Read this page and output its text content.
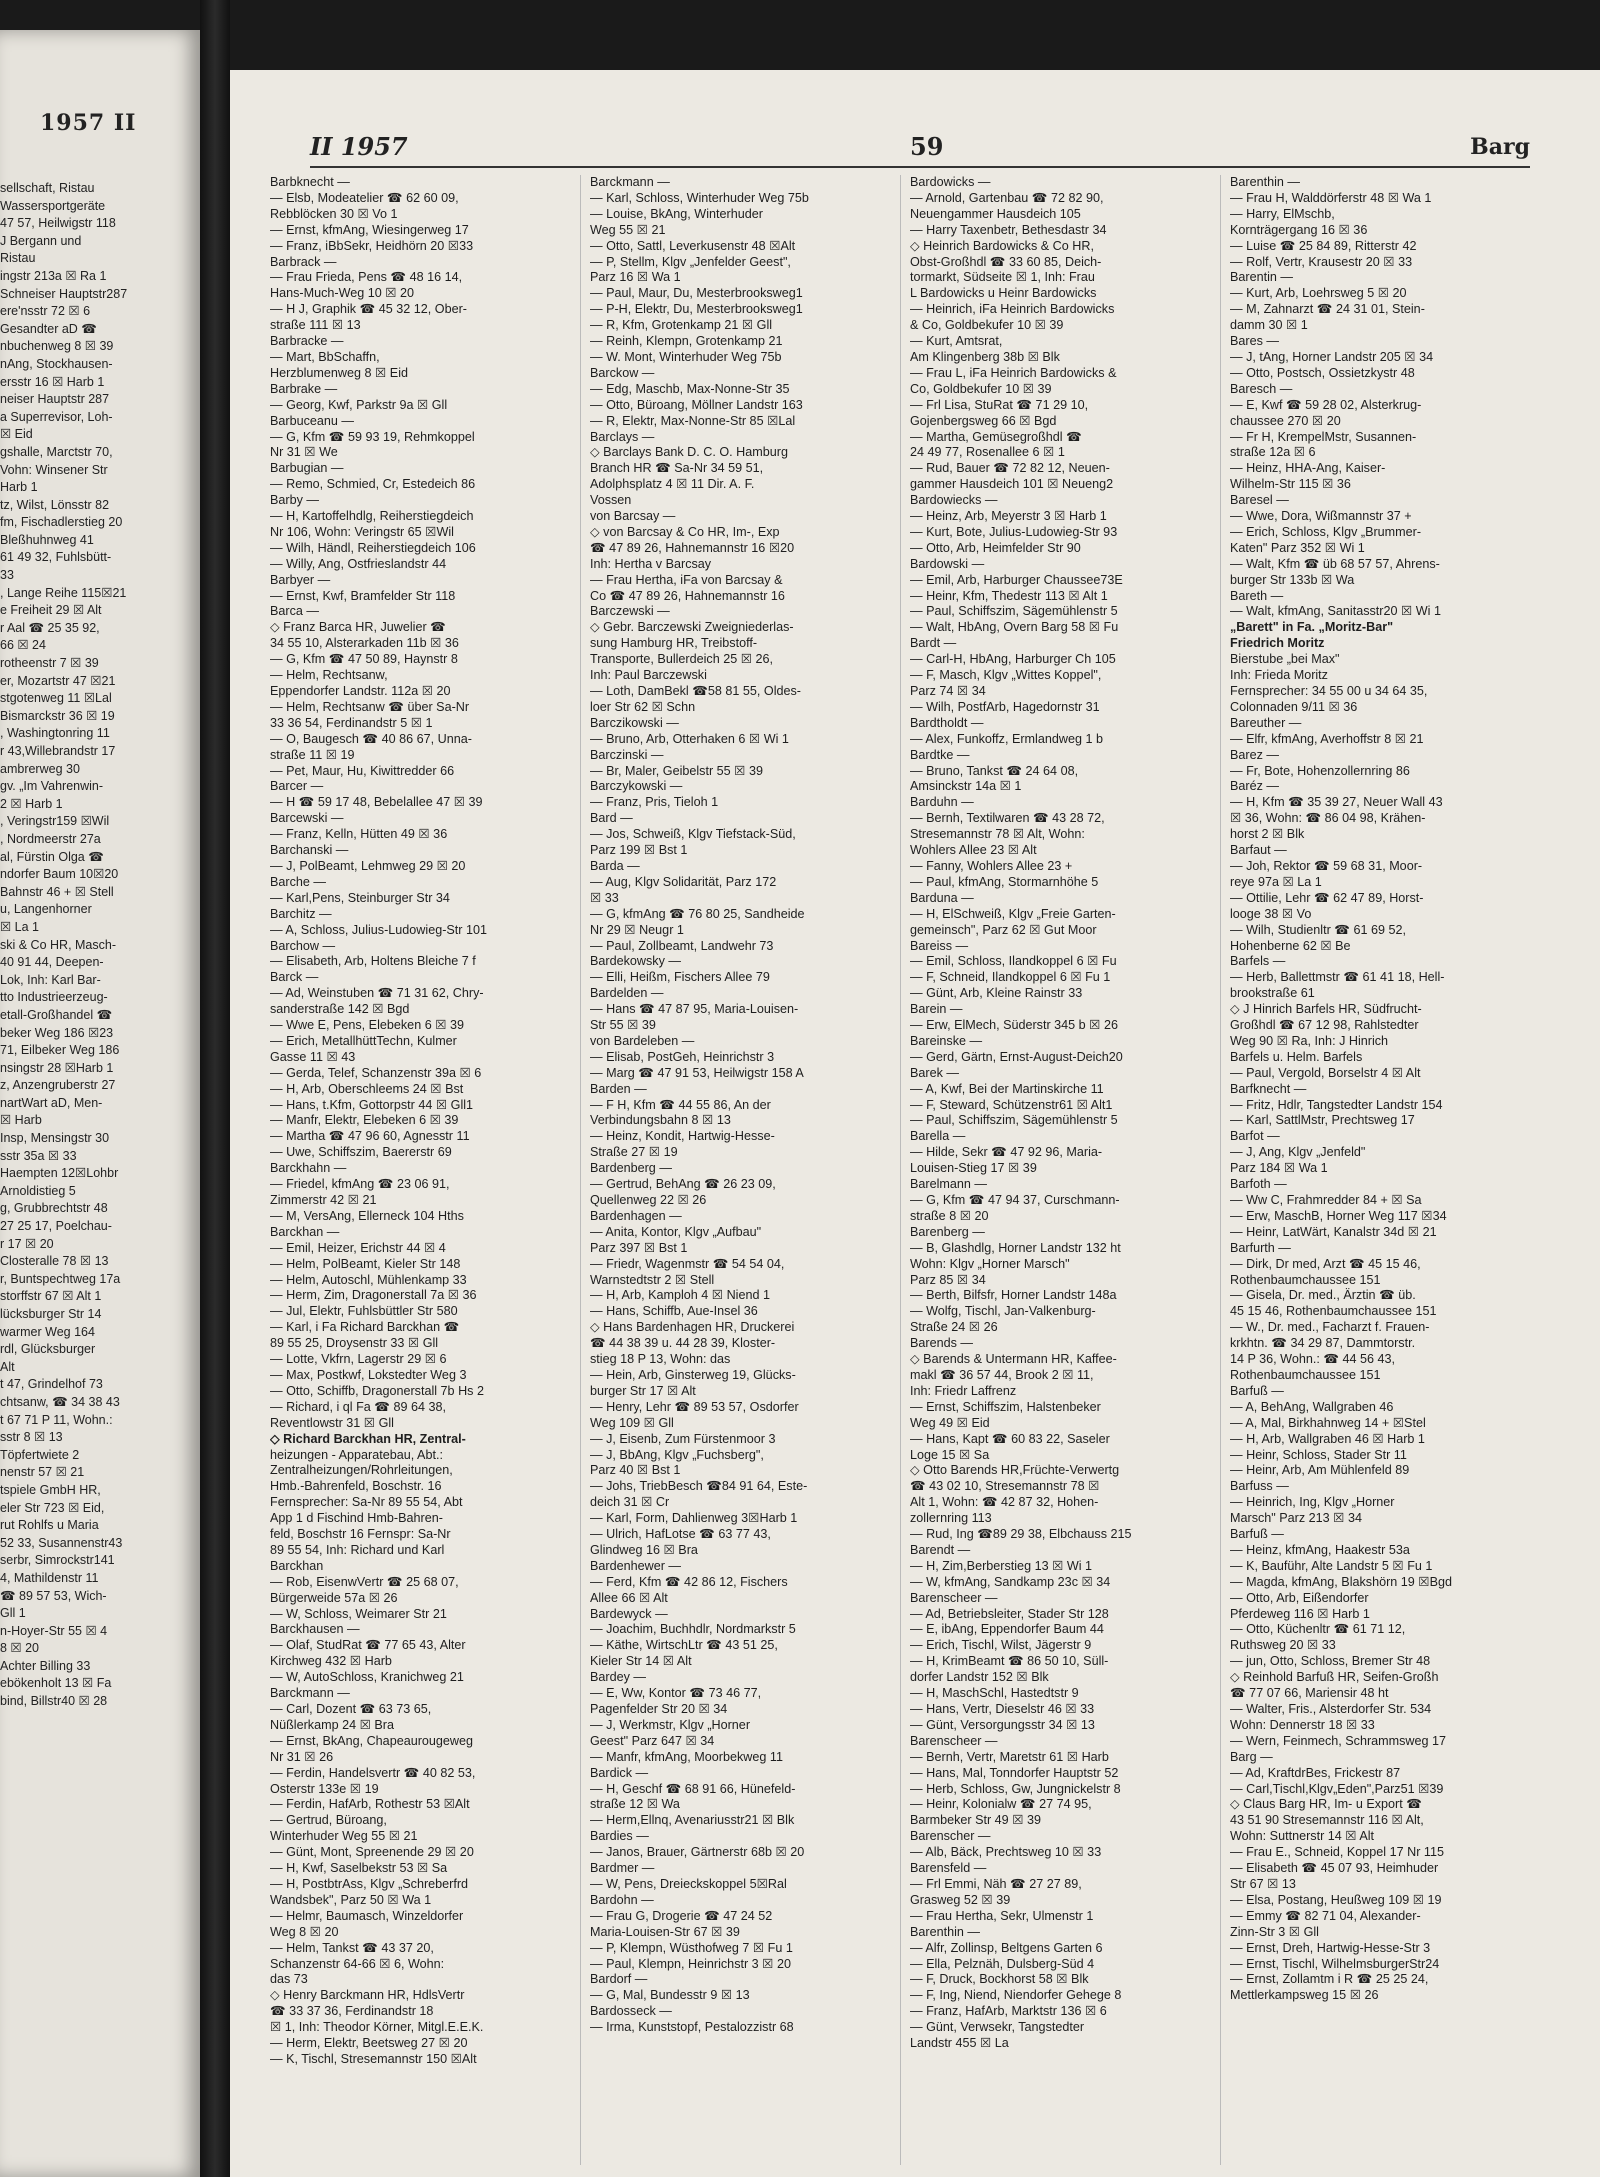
1957 II
sellschaft, Ristau
Wassersportgeräte
47 57, Heilwigstr 118
J Bergann und
Ristau
ingstr 213a ☒ Ra 1
Schneiser Hauptstr287
ere'nsstr 72 ☒ 6
Gesandter aD ☎
nbuchenweg 8 ☒ 39
nAng, Stockhausen-
ersstr 16 ☒ Harb 1
neiser Hauptstr 287
a Superrevisor, Loh-
☒ Eid
gshalle, Marctstr 70,
Vohn: Winsener Str
Harb 1
tz, Wilst, Lönsstr 82
fm, Fischadlerstieg 20
Bleßhuhnweg 41
61 49 32, Fuhlsbütt-
33
, Lange Reihe 115☒21
e Freiheit 29 ☒ Alt
r Aal ☎ 25 35 92,
66 ☒ 24
rotheenstr 7 ☒ 39
er, Mozartstr 47 ☒21
stgotenweg 11 ☒Lal
Bismarckstr 36 ☒ 19
, Washingtonring 11
r 43,Willebrandstr 17
ambrerweg 30
gv. „Im Vahrenwin-
2 ☒ Harb 1
, Veringstr159 ☒Wil
, Nordmeerstr 27a
al, Fürstin Olga ☎
ndorfer Baum 10☒20
Bahnstr 46 + ☒ Stell
u, Langenhorner
☒ La 1
ski & Co HR, Masch-
40 91 44, Deepen-
Lok, Inh: Karl Bar-
tto Industrieerzeug-
etall-Großhandel ☎
beker Weg 186 ☒23
71, Eilbeker Weg 186
nsingstr 28 ☒Harb 1
z, Anzengruberstr 27
nartWart aD, Men-
☒ Harb
Insp, Mensingstr 30
sstr 35a ☒ 33
Haempten 12☒Lohbr
Arnoldistieg 5
g, Grubbrechtstr 48
27 25 17, Poelchau-
r 17 ☒ 20
Closteralle 78 ☒ 13
r, Buntspechtweg 17a
storffstr 67 ☒ Alt 1
lücksburger Str 14
warmer Weg 164
rdl, Glücksburger
Alt
t 47, Grindelhof 73
chtsanw, ☎ 34 38 43
t 67 71 P 11, Wohn.:
sstr 8 ☒ 13
Töpfertwiete 2
nenstr 57 ☒ 21
tspiele GmbH HR,
eler Str 723 ☒ Eid,
rut Rohlfs u Maria
52 33, Susannenstr43
serbr, Simrockstr141
4, Mathildenstr 11
☎ 89 57 53, Wich-
Gll 1
n-Hoyer-Str 55 ☒ 4
8 ☒ 20
Achter Billing 33
ebökenholt 13 ☒ Fa
bind, Billstr40 ☒ 28
II 1957	59	Barg
Barbknecht —
— Elsb, Modeatelier ☎ 62 60 09,
Rebblöcken 30 ☒ Vo 1
— Ernst, kfmAng, Wiesingerweg 17
— Franz, iBbSekr, Heidhörn 20 ☒33
Barbrack —
— Frau Frieda, Pens ☎ 48 16 14,
Hans-Much-Weg 10 ☒ 20
— H J, Graphik ☎ 45 32 12, Ober-
straße 111 ☒ 13
Barbracke —
— Mart, BbSchaffn,
Herzblumenweg 8 ☒ Eid
Barbrake —
— Georg, Kwf, Parkstr 9a ☒ Gll
Barbuceanu —
— G, Kfm ☎ 59 93 19, Rehmkoppel
Nr 31 ☒ We
Barbugian —
— Remo, Schmied, Cr, Estedeich 86
Barby —
— H, Kartoffelhdlg, Reiherstiegdeich
Nr 106, Wohn: Veringstr 65 ☒Wil
— Wilh, Händl, Reiherstiegdeich 106
— Willy, Ang, Ostfrieslandstr 44
Barbyer —
— Ernst, Kwf, Bramfelder Str 118
Barca —
◇ Franz Barca HR, Juwelier ☎
34 55 10, Alsterarkaden 11b ☒ 36
— G, Kfm ☎ 47 50 89, Haynstr 8
— Helm, Rechtsanw,
Eppendorfer Landstr. 112a ☒ 20
— Helm, Rechtsanw ☎ über Sa-Nr
33 36 54, Ferdinandstr 5 ☒ 1
— O, Baugesch ☎ 40 86 67, Unna-
straße 11 ☒ 19
— Pet, Maur, Hu, Kiwittredder 66
Barcer —
— H ☎ 59 17 48, Bebelallee 47 ☒ 39
Barcewski —
— Franz, Kelln, Hütten 49 ☒ 36
Barchanski —
— J, PolBeamt, Lehmweg 29 ☒ 20
Barche —
— Karl,Pens, Steinburger Str 34
Barchitz —
— A, Schloss, Julius-Ludowieg-Str 101
Barchow —
— Elisabeth, Arb, Holtens Bleiche 7 f
Barck —
— Ad, Weinstuben ☎ 71 31 62, Chry-
sanderstraße 142 ☒ Bgd
— Wwe E, Pens, Elebeken 6 ☒ 39
— Erich, MetallhüttTechn, Kulmer
Gasse 11 ☒ 43
— Gerda, Telef, Schanzenstr 39a ☒ 6
— H, Arb, Oberschleems 24 ☒ Bst
— Hans, t.Kfm, Gottorpstr 44 ☒ Gll1
— Manfr, Elektr, Elebeken 6 ☒ 39
— Martha ☎ 47 96 60, Agnesstr 11
— Uwe, Schiffszim, Baererstr 69
Barckhahn —
— Friedel, kfmAng ☎ 23 06 91,
Zimmerstr 42 ☒ 21
— M, VersAng, Ellerneck 104 Hths
Barckhan —
— Emil, Heizer, Erichstr 44 ☒ 4
— Helm, PolBeamt, Kieler Str 148
— Helm, Autoschl, Mühlenkamp 33
— Herm, Zim, Dragonerstall 7a ☒ 36
— Jul, Elektr, Fuhlsbüttler Str 580
— Karl, i Fa Richard Barckhan ☎
89 55 25, Droysenstr 33 ☒ Gll
— Lotte, Vkfrn, Lagerstr 29 ☒ 6
— Max, Postkwf, Lokstedter Weg 3
— Otto, Schiffb, Dragonerstall 7b Hs 2
— Richard, i ql Fa ☎ 89 64 38,
Reventlowstr 31 ☒ Gll
◇ Richard Barckhan HR, Zentral-
heizungen - Apparatebau, Abt.:
Zentralheizungen/Rohrleitungen,
Hmb.-Bahrenfeld, Boschstr. 16
Fernsprecher: Sa-Nr 89 55 54, Abt
App 1 d Fischind Hmb-Bahren-
feld, Boschstr 16 Fernspr: Sa-Nr
89 55 54, Inh: Richard und Karl
Barckhan
— Rob, EisenwVertr ☎ 25 68 07,
Bürgerweide 57a ☒ 26
— W, Schloss, Weimarer Str 21
Barckhausen —
— Olaf, StudRat ☎ 77 65 43, Alter
Kirchweg 432 ☒ Harb
— W, AutoSchloss, Kranichweg 21
Barckmann —
— Carl, Dozent ☎ 63 73 65,
Nüßlerkamp 24 ☒ Bra
— Ernst, BkAng, Chapeaurougeweg
Nr 31 ☒ 26
— Ferdin, Handelsvertr ☎ 40 82 53,
Osterstr 133e ☒ 19
— Ferdin, HafArb, Rothestr 53 ☒Alt
— Gertrud, Büroang,
Winterhuder Weg 55 ☒ 21
— Günt, Mont, Spreenende 29 ☒ 20
— H, Kwf, Saselbekstr 53 ☒ Sa
— H, PostbtrAss, Klgv „Schreberfrd
Wandsbek", Parz 50 ☒ Wa 1
— Helmr, Baumasch, Winzeldorfer
Weg 8 ☒ 20
— Helm, Tankst ☎ 43 37 20,
Schanzenstr 64-66 ☒ 6, Wohn:
das 73
◇ Henry Barckmann HR, HdlsVertr
☎ 33 37 36, Ferdinandstr 18
☒ 1, Inh: Theodor Körner, Mitgl.E.E.K.
— Herm, Elektr, Beetsweg 27 ☒ 20
— K, Tischl, Stresemannstr 150 ☒Alt
Barckmann —
— Karl, Schloss, Winterhuder Weg 75b
— Louise, BkAng, Winterhuder
Weg 55 ☒ 21
— Otto, Sattl, Leverkusenstr 48 ☒Alt
— P, Stellm, Klgv „Jenfelder Geest",
Parz 16 ☒ Wa 1
— Paul, Maur, Du, Mesterbrooksweg1
— P-H, Elektr, Du, Mesterbrooksweg1
— R, Kfm, Grotenkamp 21 ☒ Gll
— Reinh, Klempn, Grotenkamp 21
— W. Mont, Winterhuder Weg 75b
Barckow —
— Edg, Maschb, Max-Nonne-Str 35
— Otto, Büroang, Möllner Landstr 163
— R, Elektr, Max-Nonne-Str 85 ☒Lal
Barclays —
◇ Barclays Bank D. C. O. Hamburg
Branch HR ☎ Sa-Nr 34 59 51,
Adolphsplatz 4 ☒ 11 Dir. A. F.
Vossen
von Barcsay —
◇ von Barcsay & Co HR, Im-, Exp
☎ 47 89 26, Hahnemannstr 16 ☒20
Inh: Hertha v Barcsay
— Frau Hertha, iFa von Barcsay &
Co ☎ 47 89 26, Hahnemannstr 16
Barczewski —
◇ Gebr. Barczewski Zweigniederlas-
sung Hamburg HR, Treibstoff-
Transporte, Bullerdeich 25 ☒ 26,
Inh: Paul Barczewski
— Loth, DamBekl ☎58 81 55, Oldes-
loer Str 62 ☒ Schn
Barczikowski —
— Bruno, Arb, Otterhaken 6 ☒ Wi 1
Barczinski —
— Br, Maler, Geibelstr 55 ☒ 39
Barczykowski —
— Franz, Pris, Tieloh 1
Bard —
— Jos, Schweiß, Klgv Tiefstack-Süd,
Parz 199 ☒ Bst 1
Barda —
— Aug, Klgv Solidarität, Parz 172
☒ 33
— G, kfmAng ☎ 76 80 25, Sandheide
Nr 29 ☒ Neugr 1
— Paul, Zollbeamt, Landwehr 73
Bardekowsky —
— Elli, Heißm, Fischers Allee 79
Bardelden —
— Hans ☎ 47 87 95, Maria-Louisen-
Str 55 ☒ 39
von Bardeleben —
— Elisab, PostGeh, Heinrichstr 3
— Marg ☎ 47 91 53, Heilwigstr 158 A
Barden —
— F H, Kfm ☎ 44 55 86, An der
Verbindungsbahn 8 ☒ 13
— Heinz, Kondit, Hartwig-Hesse-
Straße 27 ☒ 19
Bardenberg —
— Gertrud, BehAng ☎ 26 23 09,
Quellenweg 22 ☒ 26
Bardenhagen —
— Anita, Kontor, Klgv „Aufbau"
Parz 397 ☒ Bst 1
— Friedr, Wagenmstr ☎ 54 54 04,
Warnstedtstr 2 ☒ Stell
— H, Arb, Kamploh 4 ☒ Niend 1
— Hans, Schiffb, Aue-Insel 36
◇ Hans Bardenhagen HR, Druckerei
☎ 44 38 39 u. 44 28 39, Kloster-
stieg 18 P 13, Wohn: das
— Hein, Arb, Ginsterweg 19, Glücks-
burger Str 17 ☒ Alt
— Henry, Lehr ☎ 89 53 57, Osdorfer
Weg 109 ☒ Gll
— J, Eisenb, Zum Fürstenmoor 3
— J, BbAng, Klgv „Fuchsberg",
Parz 40 ☒ Bst 1
— Johs, TriebBesch ☎84 91 64, Este-
deich 31 ☒ Cr
— Karl, Form, Dahlienweg 3☒Harb 1
— Ulrich, HafLotse ☎ 63 77 43,
Glindweg 16 ☒ Bra
Bardenhewer —
— Ferd, Kfm ☎ 42 86 12, Fischers
Allee 66 ☒ Alt
Bardewyck —
— Joachim, Buchhdlr, Nordmarkstr 5
— Käthe, WirtschLtr ☎ 43 51 25,
Kieler Str 14 ☒ Alt
Bardey —
— E, Ww, Kontor ☎ 73 46 77,
Pagenfelder Str 20 ☒ 34
— J, Werkmstr, Klgv „Horner
Geest" Parz 647 ☒ 34
— Manfr, kfmAng, Moorbekweg 11
Bardick —
— H, Geschf ☎ 68 91 66, Hünefeld-
straße 12 ☒ Wa
— Herm,Ellnq, Avenariusstr21 ☒ Blk
Bardies —
— Janos, Brauer, Gärtnerstr 68b ☒ 20
Bardmer —
— W, Pens, Dreieckskoppel 5☒Ral
Bardohn —
— Frau G, Drogerie ☎ 47 24 52
Maria-Louisen-Str 67 ☒ 39
— P, Klempn, Wüsthofweg 7 ☒ Fu 1
— Paul, Klempn, Heinrichstr 3 ☒ 20
Bardorf —
— G, Mal, Bundesstr 9 ☒ 13
Bardosseck —
— Irma, Kunststopf, Pestalozzistr 68
Bardowicks —
— Arnold, Gartenbau ☎ 72 82 90,
Neuengammer Hausdeich 105
— Harry Taxenbetr, Bethesdastr 34
◇ Heinrich Bardowicks & Co HR,
Obst-Großhdl ☎ 33 60 85, Deich-
tormarkt, Südseite ☒ 1, Inh: Frau
L Bardowicks u Heinr Bardowicks
— Heinrich, iFa Heinrich Bardowicks
& Co, Goldbekufer 10 ☒ 39
— Kurt, Amtsrat,
Am Klingenberg 38b ☒ Blk
— Frau L, iFa Heinrich Bardowicks &
Co, Goldbekufer 10 ☒ 39
— Frl Lisa, StuRat ☎ 71 29 10,
Gojenbergsweg 66 ☒ Bgd
— Martha, Gemüsegroßhdl ☎
24 49 77, Rosenallee 6 ☒ 1
— Rud, Bauer ☎ 72 82 12, Neuen-
gammer Hausdeich 101 ☒ Neueng2
Bardowiecks —
— Heinz, Arb, Meyerstr 3 ☒ Harb 1
— Kurt, Bote, Julius-Ludowieg-Str 93
— Otto, Arb, Heimfelder Str 90
Bardowski —
— Emil, Arb, Harburger Chaussee73E
— Heinr, Kfm, Thedestr 113 ☒ Alt 1
— Paul, Schiffszim, Sägemühlenstr 5
— Walt, HbAng, Overn Barg 58 ☒ Fu
Bardt —
— Carl-H, HbAng, Harburger Ch 105
— F, Masch, Klgv „Wittes Koppel",
Parz 74 ☒ 34
— Wilh, PostfArb, Hagedornstr 31
Bardtholdt —
— Alex, Funkoffz, Ermlandweg 1 b
Bardtke —
— Bruno, Tankst ☎ 24 64 08,
Amsinckstr 14a ☒ 1
Barduhn —
— Bernh, Textilwaren ☎ 43 28 72,
Stresemannstr 78 ☒ Alt, Wohn:
Wohlers Allee 23 ☒ Alt
— Fanny, Wohlers Allee 23 +
— Paul, kfmAng, Stormarnhöhe 5
Barduna —
— H, ElSchweiß, Klgv „Freie Garten-
gemeinsch", Parz 62 ☒ Gut Moor
Bareiss —
— Emil, Schloss, Ilandkoppel 6 ☒ Fu
— F, Schneid, Ilandkoppel 6 ☒ Fu 1
— Günt, Arb, Kleine Rainstr 33
Barein —
— Erw, ElMech, Süderstr 345 b ☒ 26
Bareinske —
— Gerd, Gärtn, Ernst-August-Deich20
Barek —
— A, Kwf, Bei der Martinskirche 11
— F, Steward, Schützenstr61 ☒ Alt1
— Paul, Schiffszim, Sägemühlenstr 5
Barella —
— Hilde, Sekr ☎ 47 92 96, Maria-
Louisen-Stieg 17 ☒ 39
Barelmann —
— G, Kfm ☎ 47 94 37, Curschmann-
straße 8 ☒ 20
Barenberg —
— B, Glashdlg, Horner Landstr 132 ht
Wohn: Klgv „Horner Marsch"
Parz 85 ☒ 34
— Berth, Bilfsfr, Horner Landstr 148a
— Wolfg, Tischl, Jan-Valkenburg-
Straße 24 ☒ 26
Barends —
◇ Barends & Untermann HR, Kaffee-
makl ☎ 36 57 44, Brook 2 ☒ 11,
Inh: Friedr Laffrenz
— Ernst, Schiffszim, Halstenbeker
Weg 49 ☒ Eid
— Hans, Kapt ☎ 60 83 22, Saseler
Loge 15 ☒ Sa
◇ Otto Barends HR,Früchte-Verwertg
☎ 43 02 10, Stresemannstr 78 ☒
Alt 1, Wohn: ☎ 42 87 32, Hohen-
zollernring 113
— Rud, Ing ☎89 29 38, Elbchauss 215
Barendt —
— H, Zim,Berberstieg 13 ☒ Wi 1
— W, kfmAng, Sandkamp 23c ☒ 34
Barenscheer —
— Ad, Betriebsleiter, Stader Str 128
— E, ibAng, Eppendorfer Baum 44
— Erich, Tischl, Wilst, Jägerstr 9
— H, KrimBeamt ☎ 86 50 10, Süll-
dorfer Landstr 152 ☒ Blk
— H, MaschSchl, Hastedtstr 9
— Hans, Vertr, Dieselstr 46 ☒ 33
— Günt, Versorgungsstr 34 ☒ 13
Barenscheer —
— Bernh, Vertr, Maretstr 61 ☒ Harb
— Hans, Mal, Tonndorfer Hauptstr 52
— Herb, Schloss, Gw, Jungnickelstr 8
— Heinr, Kolonialw ☎ 27 74 95,
Barmbeker Str 49 ☒ 39
Barenscher —
— Alb, Bäck, Prechtsweg 10 ☒ 33
Barensfeld —
— Frl Emmi, Näh ☎ 27 27 89,
Grasweg 52 ☒ 39
— Frau Hertha, Sekr, Ulmenstr 1
Barenthin —
— Alfr, Zollinsp, Beltgens Garten 6
— Ella, Pelznäh, Dulsberg-Süd 4
— F, Druck, Bockhorst 58 ☒ Blk
— F, Ing, Niend, Niendorfer Gehege 8
— Franz, HafArb, Marktstr 136 ☒ 6
— Günt, Verwsekr, Tangstedter
Landstr 455 ☒ La
Barenthin —
— Frau H, Walddörferstr 48 ☒ Wa 1
— Harry, ElMschb,
Kornträgergang 16 ☒ 36
— Luise ☎ 25 84 89, Ritterstr 42
— Rolf, Vertr, Krausestr 20 ☒ 33
Barentin —
— Kurt, Arb, Loehrsweg 5 ☒ 20
— M, Zahnarzt ☎ 24 31 01, Stein-
damm 30 ☒ 1
Bares —
— J, tAng, Horner Landstr 205 ☒ 34
— Otto, Postsch, Ossietzkystr 48
Baresch —
— E, Kwf ☎ 59 28 02, Alsterkrug-
chaussee 270 ☒ 20
— Fr H, KrempelMstr, Susannen-
straße 12a ☒ 6
— Heinz, HHA-Ang, Kaiser-
Wilhelm-Str 115 ☒ 36
Baresel —
— Wwe, Dora, Wißmannstr 37 +
— Erich, Schloss, Klgv „Brummer-
Katen" Parz 352 ☒ Wi 1
— Walt, Kfm ☎ üb 68 57 57, Ahrens-
burger Str 133b ☒ Wa
Bareth —
— Walt, kfmAng, Sanitasstr20 ☒ Wi 1
„Barett" in Fa. „Moritz-Bar"
Friedrich Moritz
Bierstube „bei Max"
Inh: Frieda Moritz
Fernsprecher: 34 55 00 u 34 64 35,
Colonnaden 9/11 ☒ 36
Bareuther —
— Elfr, kfmAng, Averhoffstr 8 ☒ 21
Barez —
— Fr, Bote, Hohenzollernring 86
Baréz —
— H, Kfm ☎ 35 39 27, Neuer Wall 43
☒ 36, Wohn: ☎ 86 04 98, Krähen-
horst 2 ☒ Blk
Barfaut —
— Joh, Rektor ☎ 59 68 31, Moor-
reye 97a ☒ La 1
— Ottilie, Lehr ☎ 62 47 89, Horst-
looge 38 ☒ Vo
— Wilh, Studienltr ☎ 61 69 52,
Hohenberne 62 ☒ Be
Barfels —
— Herb, Ballettmstr ☎ 61 41 18, Hell-
brookstraße 61
◇ J Hinrich Barfels HR, Südfrucht-
Großhdl ☎ 67 12 98, Rahlstedter
Weg 90 ☒ Ra, Inh: J Hinrich
Barfels u. Helm. Barfels
— Paul, Vergold, Borselstr 4 ☒ Alt
Barfknecht —
— Fritz, Hdlr, Tangstedter Landstr 154
— Karl, SattlMstr, Prechtsweg 17
Barfot —
— J, Ang, Klgv „Jenfeld"
Parz 184 ☒ Wa 1
Barfoth —
— Ww C, Frahmredder 84 + ☒ Sa
— Erw, MaschB, Horner Weg 117 ☒34
— Heinr, LatWärt, Kanalstr 34d ☒ 21
Barfurth —
— Dirk, Dr med, Arzt ☎ 45 15 46,
Rothenbaumchaussee 151
— Gisela, Dr. med., Ärztin ☎ üb.
45 15 46, Rothenbaumchaussee 151
— W., Dr. med., Facharzt f. Frauen-
krkhtn. ☎ 34 29 87, Dammtorstr.
14 P 36, Wohn.: ☎ 44 56 43,
Rothenbaumchaussee 151
Barfuß —
— A, BehAng, Wallgraben 46
— A, Mal, Birkhahnweg 14 + ☒Stel
— H, Arb, Wallgraben 46 ☒ Harb 1
— Heinr, Schloss, Stader Str 11
— Heinr, Arb, Am Mühlenfeld 89
Barfuss —
— Heinrich, Ing, Klgv „Horner
Marsch" Parz 213 ☒ 34
Barfuß —
— Heinz, kfmAng, Haakestr 53a
— K, Bauführ, Alte Landstr 5 ☒ Fu 1
— Magda, kfmAng, Blakshörn 19 ☒Bgd
— Otto, Arb, Eißendorfer
Pferdeweg 116 ☒ Harb 1
— Otto, Küchenltr ☎ 61 71 12,
Ruthsweg 20 ☒ 33
— jun, Otto, Schloss, Bremer Str 48
◇ Reinhold Barfuß HR, Seifen-Großh
☎ 77 07 66, Mariensir 48 ht
— Walter, Fris., Alsterdorfer Str. 534
Wohn: Dennerstr 18 ☒ 33
— Wern, Feinmech, Schrammsweg 17
Barg —
— Ad, KraftdrBes, Frickestr 87
— Carl,Tischl,Klgv„Eden",Parz51 ☒39
◇ Claus Barg HR, Im- u Export ☎
43 51 90 Stresemannstr 116 ☒ Alt,
Wohn: Suttnerstr 14 ☒ Alt
— Frau E., Schneid, Koppel 17 Nr 115
— Elisabeth ☎ 45 07 93, Heimhuder
Str 67 ☒ 13
— Elsa, Postang, Heußweg 109 ☒ 19
— Emmy ☎ 82 71 04, Alexander-
Zinn-Str 3 ☒ Gll
— Ernst, Dreh, Hartwig-Hesse-Str 3
— Ernst, Tischl, WilhelmsburgerStr24
— Ernst, Zollamtm i R ☎ 25 25 24,
Mettlerkampsweg 15 ☒ 26
